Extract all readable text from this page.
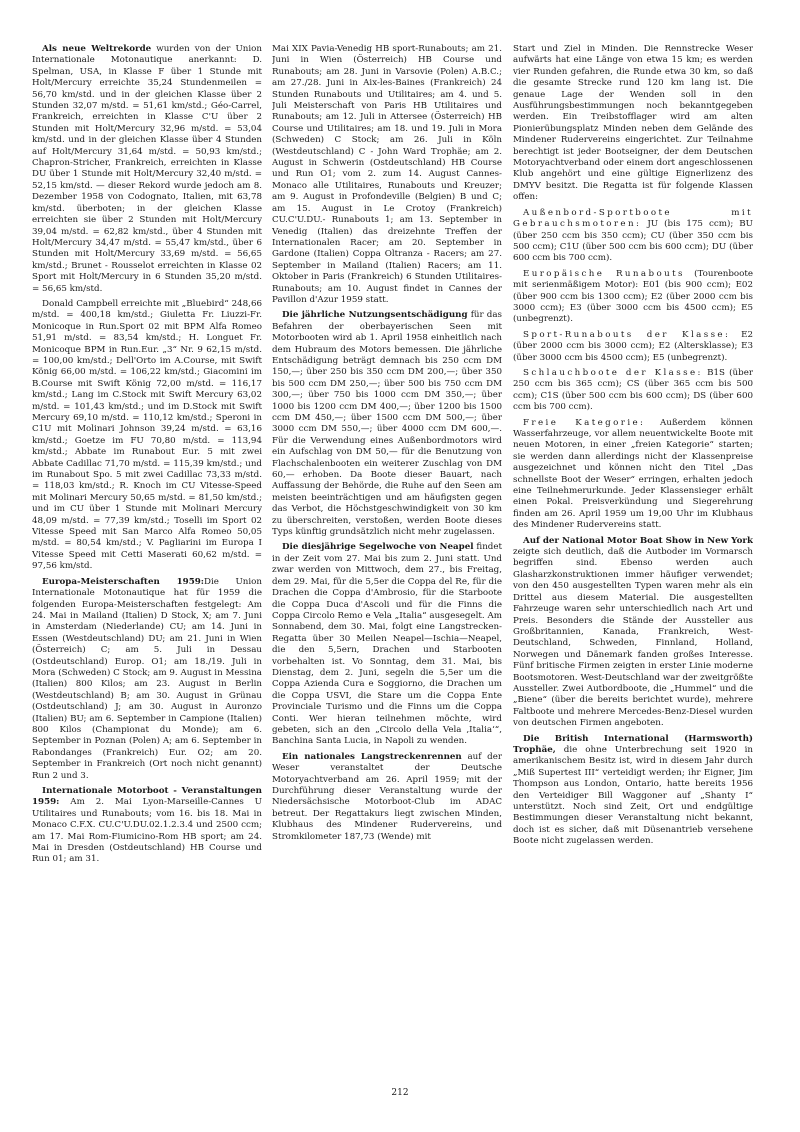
Als neue Weltrekorde wurden von der Union Internationale Motonautique anerkannt: D. Spelman, USA, in Klasse F über 1 Stunde mit Holt/Mercury erreichte 35,24 Stundenmeilen = 56,70 km/std. und in der gleichen Klasse über 2 Stunden 32,07 m/std. = 51,61 km/std.; Géo-Carrel, Frankreich, erreichten in Klasse C'U über 2 Stunden mit Holt/Mercury 32,96 m/std. = 53,04 km/std. und in der gleichen Klasse über 4 Stunden auf Holt/Mercury 31,64 m/std. = 50,93 km/std.; Chapron-Stricher, Frankreich, erreichten in Klasse DU über 1 Stunde mit Holt/Mercury 32,40 m/std. = 52,15 km/std. — dieser Rekord wurde jedoch am 8. Dezember 1958 von Codognato, Italien, mit 63,78 km/std. überboten; in der gleichen Klasse erreichten sie über 2 Stunden mit Holt/Mercury 39,04 m/std. = 62,82 km/std., über 4 Stunden mit Holt/Mercury 34,47 m/std. = 55,47 km/std., über 6 Stunden mit Holt/Mercury 33,69 m/std. = 56,65 km/std.; Brunet - Rousselot erreichten in Klasse 02 Sport mit Holt/Mercury in 6 Stunden 35,20 m/std. = 56,65 km/std.

Donald Campbell erreichte mit „Bluebird“ 248,66 m/std. = 400,18 km/std.; Giuletta Fr. Liuzzi-Fr. Monicoque in Run.Sport 02 mit BPM Alfa Romeo 51,91 m/std. = 83,54 km/std.; H. Longuet Fr. Monicoque BPM in Run.Eur. „3“ Nr. 9 62,15 m/std. = 100,00 km/std.; Dell'Orto im A.Course, mit Swift König 66,00 m/std. = 106,22 km/std.; Giacomini im B.Course mit Swift König 72,00 m/std. = 116,17 km/std.; Lang im C.Stock mit Swift Mercury 63,02 m/std. = 101,43 km/std.; und im D.Stock mit Swift Mercury 69,10 m/std. = 110,12 km/std.; Speroni in C1U mit Molinari Johnson 39,24 m/std. = 63,16 km/std.; Goetze im FU 70,80 m/std. = 113,94 km/std.; Abbate im Runabout Eur. 5 mit zwei Abbate Cadillac 71,70 m/std. = 115,39 km/std.; und im Runabout Spo. 5 mit zwei Cadillac 73,33 m/std. = 118,03 km/std.; R. Knoch im CU Vitesse-Speed mit Molinari Mercury 50,65 m/std. = 81,50 km/std.; und im CU über 1 Stunde mit Molinari Mercury 48,09 m/std. = 77,39 km/std.; Toselli im Sport 02 Vitesse Speed mit San Marco Alfa Romeo 50,05 m/std. = 80,54 km/std.; V. Pagliarini im Europa I Vitesse Speed mit Cetti Maserati 60,62 m/std. = 97,56 km/std.

Europa-Meisterschaften 1959:Die Union Internationale Motonautique hat für 1959 die folgenden Europa-Meisterschaften festgelegt: Am 24. Mai in Mailand (Italien) D Stock, X; am 7. Juni in Amsterdam (Niederlande) CU; am 14. Juni in Essen (Westdeutschland) DU; am 21. Juni in Wien (Österreich) C; am 5. Juli in Dessau (Ostdeutschland) Europ. O1; am 18./19. Juli in Mora (Schweden) C Stock; am 9. August in Messina (Italien) 800 Kilos; am 23. August in Berlin (Westdeutschland) B; am 30. August in Grünau (Ostdeutschland) J; am 30. August in Auronzo (Italien) BU; am 6. September in Campione (Italien) 800 Kilos (Championat du Monde); am 6. September in Poznan (Polen) A; am 6. September in Rabondanges (Frankreich) Eur. O2; am 20. September in Frankreich (Ort noch nicht genannt) Run 2 und 3.

Internationale Motorboot - Veranstaltungen 1959: Am 2. Mai Lyon-Marseille-Cannes U Utilitaires und Runabouts; vom 16. bis 18. Mai in Monaco C.F.X. CU.C'U.DU.02.1.2.3.4 und 2500 ccm; am 17. Mai Rom-Fiumicino-Rom HB sport; am 24. Mai in Dresden (Ostdeutschland) HB Course und Run 01; am 31.

Mai XIX Pavia-Venedig HB sport-Runabouts; am 21. Juni in Wien (Österreich) HB Course und Runabouts; am 28. Juni in Varsovie (Polen) A.B.C.; am 27./28. Juni in Aix-les-Baines (Frankreich) 24 Stunden Runabouts und Utilitaires; am 4. und 5. Juli Meisterschaft von Paris HB Utilitaires und Runabouts; am 12. Juli in Attersee (Österreich) HB Course und Utilitaires; am 18. und 19. Juli in Mora (Schweden) C Stock; am 26. Juli in Köln (Westdeutschland) C - John Ward Trophäe; am 2. August in Schwerin (Ostdeutschland) HB Course und Run O1; vom 2. zum 14. August Cannes-Monaco alle Utilitaires, Runabouts und Kreuzer; am 9. August in Profondeville (Belgien) B und C; am 15. August in Le Crotoy (Frankreich) CU.C'U.DU.- Runabouts 1; am 13. September in Venedig (Italien) das dreizehnte Treffen der Internationalen Racer; am 20. September in Gardone (Italien) Coppa Oltranza - Racers; am 27. September in Mailand (Italien) Racers; am 11. Oktober in Paris (Frankreich) 6 Stunden Utilitaires-Runabouts; am 10. August findet in Cannes der Pavillon d'Azur 1959 statt.

Die jährliche Nutzungsentschädigung für das Befahren der oberbayerischen Seen mit Motorbooten wird ab 1. April 1958 einheitlich nach dem Hubraum des Motors bemessen. Die jährliche Entschädigung beträgt demnach bis 250 ccm DM 150,—; über 250 bis 350 ccm DM 200,—; über 350 bis 500 ccm DM 250,—; über 500 bis 750 ccm DM 300,—; über 750 bis 1000 ccm DM 350,—; über 1000 bis 1200 ccm DM 400,—; über 1200 bis 1500 ccm DM 450,—; über 1500 ccm DM 500,—; über 3000 ccm DM 550,—; über 4000 ccm DM 600,—. Für die Verwendung eines Außenbordmotors wird ein Aufschlag von DM 50,— für die Benutzung von Flachschalenbooten ein weiterer Zuschlag von DM 60,— erhoben. Da Boote dieser Bauart, nach Auffassung der Behörde, die Ruhe auf den Seen am meisten beeinträchtigen und am häufigsten gegen das Verbot, die Höchstgeschwindigkeit von 30 km zu überschreiten, verstoßen, werden Boote dieses Typs künftig grundsätzlich nicht mehr zugelassen.

Die diesjährige Segelwoche von Neapel findet in der Zeit vom 27. Mai bis zum 2. Juni statt. Und zwar werden von Mittwoch, dem 27., bis Freitag, dem 29. Mai, für die 5,5er die Coppa del Re, für die Drachen die Coppa d'Ambrosio, für die Starboote die Coppa Duca d'Ascoli und für die Finns die Coppa Circolo Remo e Vela „Italia“ ausgesegelt. Am Sonnabend, dem 30. Mai, folgt eine Langstrecken-Regatta über 30 Meilen Neapel—Ischia—Neapel, die den 5,5ern, Drachen und Starbooten vorbehalten ist. Vo Sonntag, dem 31. Mai, bis Dienstag, dem 2. Juni, segeln die 5,5er um die Coppa Azienda Cura e Soggiorno, die Drachen um die Coppa USVI, die Stare um die Coppa Ente Provinciale Turismo und die Finns um die Coppa Conti. Wer hieran teilnehmen möchte, wird gebeten, sich an den „Circolo della Vela ‚Italia‘“, Banchina Santa Lucia, in Napoli zu wenden.

Ein nationales Langstreckenrennen auf der Weser veranstaltet der Deutsche Motoryachtverband am 26. April 1959; mit der Durchführung dieser Veranstaltung wurde der Niedersächsische Motorboot-Club im ADAC betreut. Der Regattakurs liegt zwischen Minden, Klubhaus des Mindener Rudervereins, und Stromkilometer 187,73 (Wende) mit

Start und Ziel in Minden. Die Rennstrecke Weser aufwärts hat eine Länge von etwa 15 km; es werden vier Runden gefahren, die Runde etwa 30 km, so daß die gesamte Strecke rund 120 km lang ist. Die genaue Lage der Wenden soll in den Ausführungsbestimmungen noch bekanntgegeben werden. Ein Treibstofflager wird am alten Pionierübungsplatz Minden neben dem Gelände des Mindener Rudervereins eingerichtet. Zur Teilnahme berechtigt ist jeder Bootseigner, der dem Deutschen Motoryachtverband oder einem dort angeschlossenen Klub angehört und eine gültige Eignerlizenz des DMYV besitzt. Die Regatta ist für folgende Klassen offen:

Außenbord-Sportboote mit Gebrauchsmotoren: JU (bis 175 ccm); BU (über 250 ccm bis 350 ccm); CU (über 350 ccm bis 500 ccm); C1U (über 500 ccm bis 600 ccm); DU (über 600 ccm bis 700 ccm).

Europäische Runabouts (Tourenboote mit serienmäßigem Motor): E01 (bis 900 ccm); E02 (über 900 ccm bis 1300 ccm); E2 (über 2000 ccm bis 3000 ccm); E3 (über 3000 ccm bis 4500 ccm); E5 (unbegrenzt).

Sport-Runabouts der Klasse: E2 (über 2000 ccm bis 3000 ccm); E2 (Altersklasse); E3 (über 3000 ccm bis 4500 ccm); E5 (unbegrenzt).

Schlauchboote der Klasse: B1S (über 250 ccm bis 365 ccm); CS (über 365 ccm bis 500 ccm); C1S (über 500 ccm bis 600 ccm); DS (über 600 ccm bis 700 ccm).

Freie Kategorie: Außerdem können Wasserfahrzeuge, vor allem neuentwickelte Boote mit neuen Motoren, in einer „freien Kategorie“ starten; sie werden dann allerdings nicht der Klassenpreise ausgezeichnet und können nicht den Titel „Das schnellste Boot der Weser“ erringen, erhalten jedoch eine Teilnehmerurkunde. Jeder Klassensieger erhält einen Pokal. Preisverkündung und Siegerehrung finden am 26. April 1959 um 19,00 Uhr im Klubhaus des Mindener Rudervereins statt.

Auf der National Motor Boat Show in New York zeigte sich deutlich, daß die Autboder im Vormarsch begriffen sind. Ebenso werden auch Glasharzkonstruktionen immer häufiger verwendet; von den 450 ausgestellten Typen waren mehr als ein Drittel aus diesem Material. Die ausgestellten Fahrzeuge waren sehr unterschiedlich nach Art und Preis. Besonders die Stände der Aussteller aus Großbritannien, Kanada, Frankreich, West-Deutschland, Schweden, Finnland, Holland, Norwegen und Dänemark fanden großes Interesse. Fünf britische Firmen zeigten in erster Linie moderne Bootsmotoren. West-Deutschland war der zweitgrößte Aussteller. Zwei Autbordboote, die „Hummel“ und die „Biene“ (über die bereits berichtet wurde), mehrere Faltboote und mehrere Mercedes-Benz-Diesel wurden von deutschen Firmen angeboten.

Die British International (Harmsworth) Trophäe, die ohne Unterbrechung seit 1920 in amerikanischem Besitz ist, wird in diesem Jahr durch „Miß Supertest III“ verteidigt werden; ihr Eigner, Jim Thompson aus London, Ontario, hatte bereits 1956 den Verteidiger Bill Waggoner auf „Shanty I“ unterstützt. Noch sind Zeit, Ort und endgültige Bestimmungen dieser Veranstaltung nicht bekannt, doch ist es sicher, daß mit Düsenantrieb versehene Boote nicht zugelassen werden.

212
